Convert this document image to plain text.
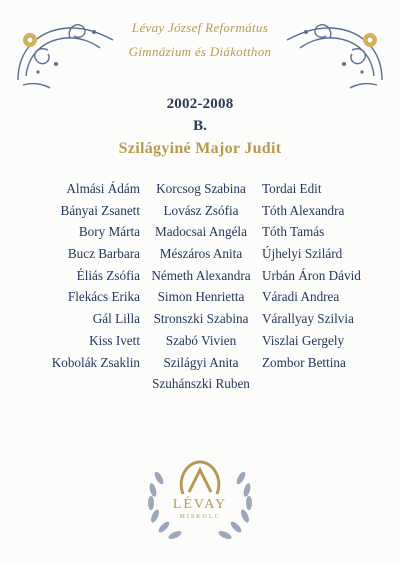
Lévay József Református
Gimnázium és Diákotthon
2002-2008
B.
Szilágyiné Major Judit
Almási Ádám
Bányai Zsanett
Bory Márta
Bucz Barbara
Éliás Zsófia
Flekács Erika
Gál Lilla
Kiss Ivett
Kobolák Zsaklin
Korcsog Szabina
Lovász Zsófia
Madocsai Angéla
Mészáros Anita
Németh Alexandra
Simon Henrietta
Stronszki Szabina
Szabó Vivien
Szilágyi Anita
Szuhánszki Ruben
Tordai Edit
Tóth Alexandra
Tóth Tamás
Újhelyi Szilárd
Urbán Áron Dávid
Váradi Andrea
Várallyay Szilvia
Viszlai Gergely
Zombor Bettina
LÉVAY
MISKOLC
